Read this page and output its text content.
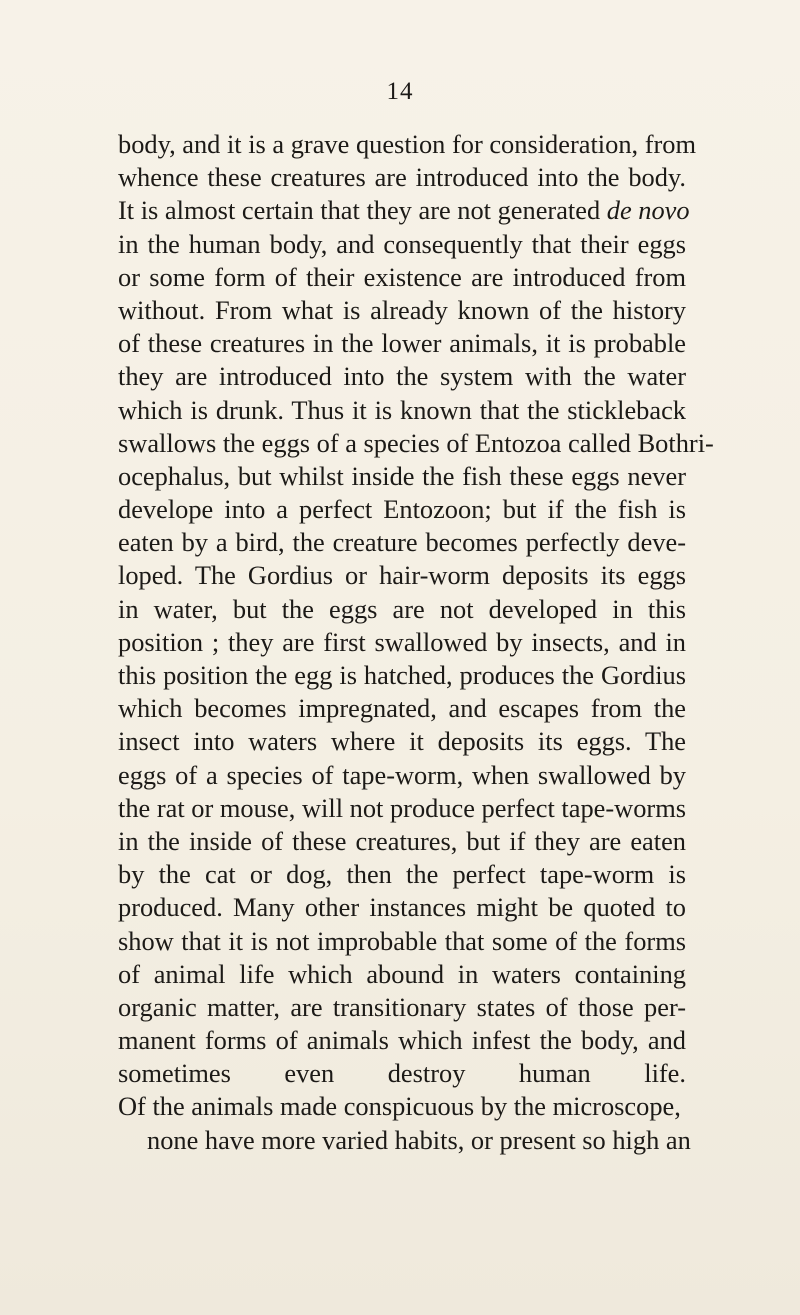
14
body, and it is a grave question for consideration, from
whence these creatures are introduced into the body.
It is almost certain that they are not generated de novo
in the human body, and consequently that their eggs
or some form of their existence are introduced from
without. From what is already known of the history
of these creatures in the lower animals, it is probable
they are introduced into the system with the water
which is drunk. Thus it is known that the stickleback
swallows the eggs of a species of Entozoa called Bothri-
ocephalus, but whilst inside the fish these eggs never
develope into a perfect Entozoon; but if the fish is
eaten by a bird, the creature becomes perfectly deve-
loped. The Gordius or hair-worm deposits its eggs
in water, but the eggs are not developed in this
position ; they are first swallowed by insects, and in
this position the egg is hatched, produces the Gordius
which becomes impregnated, and escapes from the
insect into waters where it deposits its eggs. The
eggs of a species of tape-worm, when swallowed by
the rat or mouse, will not produce perfect tape-worms
in the inside of these creatures, but if they are eaten
by the cat or dog, then the perfect tape-worm is
produced. Many other instances might be quoted to
show that it is not improbable that some of the forms
of animal life which abound in waters containing
organic matter, are transitionary states of those per-
manent forms of animals which infest the body, and
sometimes even destroy human life.
Of the animals made conspicuous by the microscope,
none have more varied habits, or present so high an
